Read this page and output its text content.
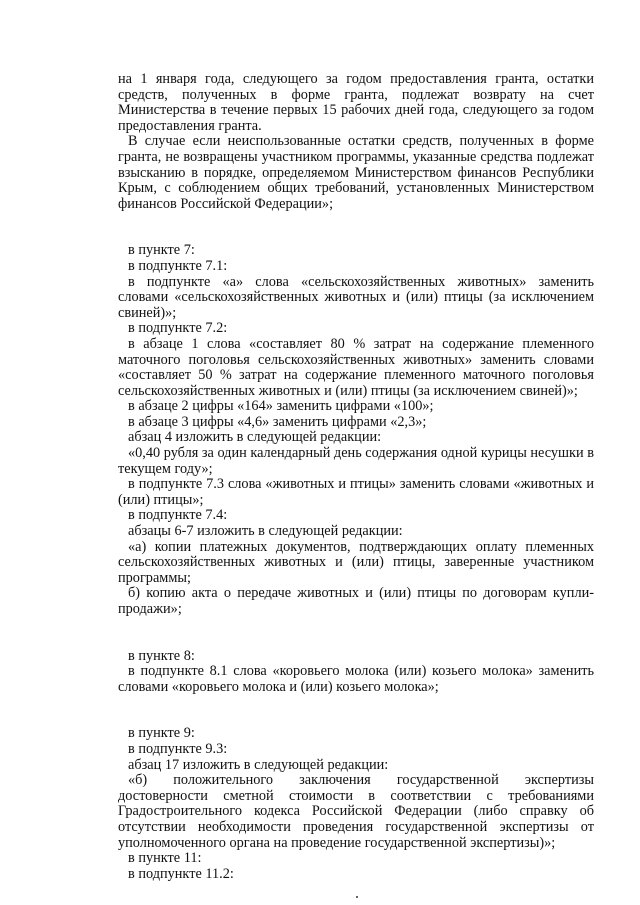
на 1 января года, следующего за годом предоставления гранта, остатки средств, полученных в форме гранта, подлежат возврату на счет Министерства в течение первых 15 рабочих дней года, следующего за годом предоставления гранта.

В случае если неиспользованные остатки средств, полученных в форме гранта, не возвращены участником программы, указанные средства подлежат взысканию в порядке, определяемом Министерством финансов Республики Крым, с соблюдением общих требований, установленных Министерством финансов Российской Федерации»;

в пункте 7:

в подпункте 7.1:

в подпункте «а» слова «сельскохозяйственных животных» заменить словами «сельскохозяйственных животных и (или) птицы (за исключением свиней)»;

в подпункте 7.2:

в абзаце 1 слова «составляет 80 % затрат на содержание племенного маточного поголовья сельскохозяйственных животных» заменить словами «составляет 50 % затрат на содержание племенного маточного поголовья сельскохозяйственных животных и (или) птицы (за исключением свиней)»;

в абзаце 2 цифры «164» заменить цифрами «100»;

в абзаце 3 цифры «4,6» заменить цифрами «2,3»;

абзац 4 изложить в следующей редакции:

«0,40 рубля за один календарный день содержания одной курицы несушки в текущем году»;

в подпункте 7.3 слова «животных и птицы» заменить словами «животных и (или) птицы»;

в подпункте 7.4:

абзацы 6-7 изложить в следующей редакции:

«а) копии платежных документов, подтверждающих оплату племенных сельскохозяйственных животных и (или) птицы, заверенные участником программы;

б) копию акта о передаче животных и (или) птицы по договорам купли-продажи»;

в пункте 8:

в подпункте 8.1 слова «коровьего молока (или) козьего молока» заменить словами «коровьего молока и (или) козьего молока»;

в пункте 9:

в подпункте 9.3:

абзац 17 изложить в следующей редакции:

«б) положительного заключения государственной экспертизы достоверности сметной стоимости в соответствии с требованиями Градостроительного кодекса Российской Федерации (либо справку об отсутствии необходимости проведения государственной экспертизы от уполномоченного органа на проведение государственной экспертизы)»;

в пункте 11:

в подпункте 11.2:
